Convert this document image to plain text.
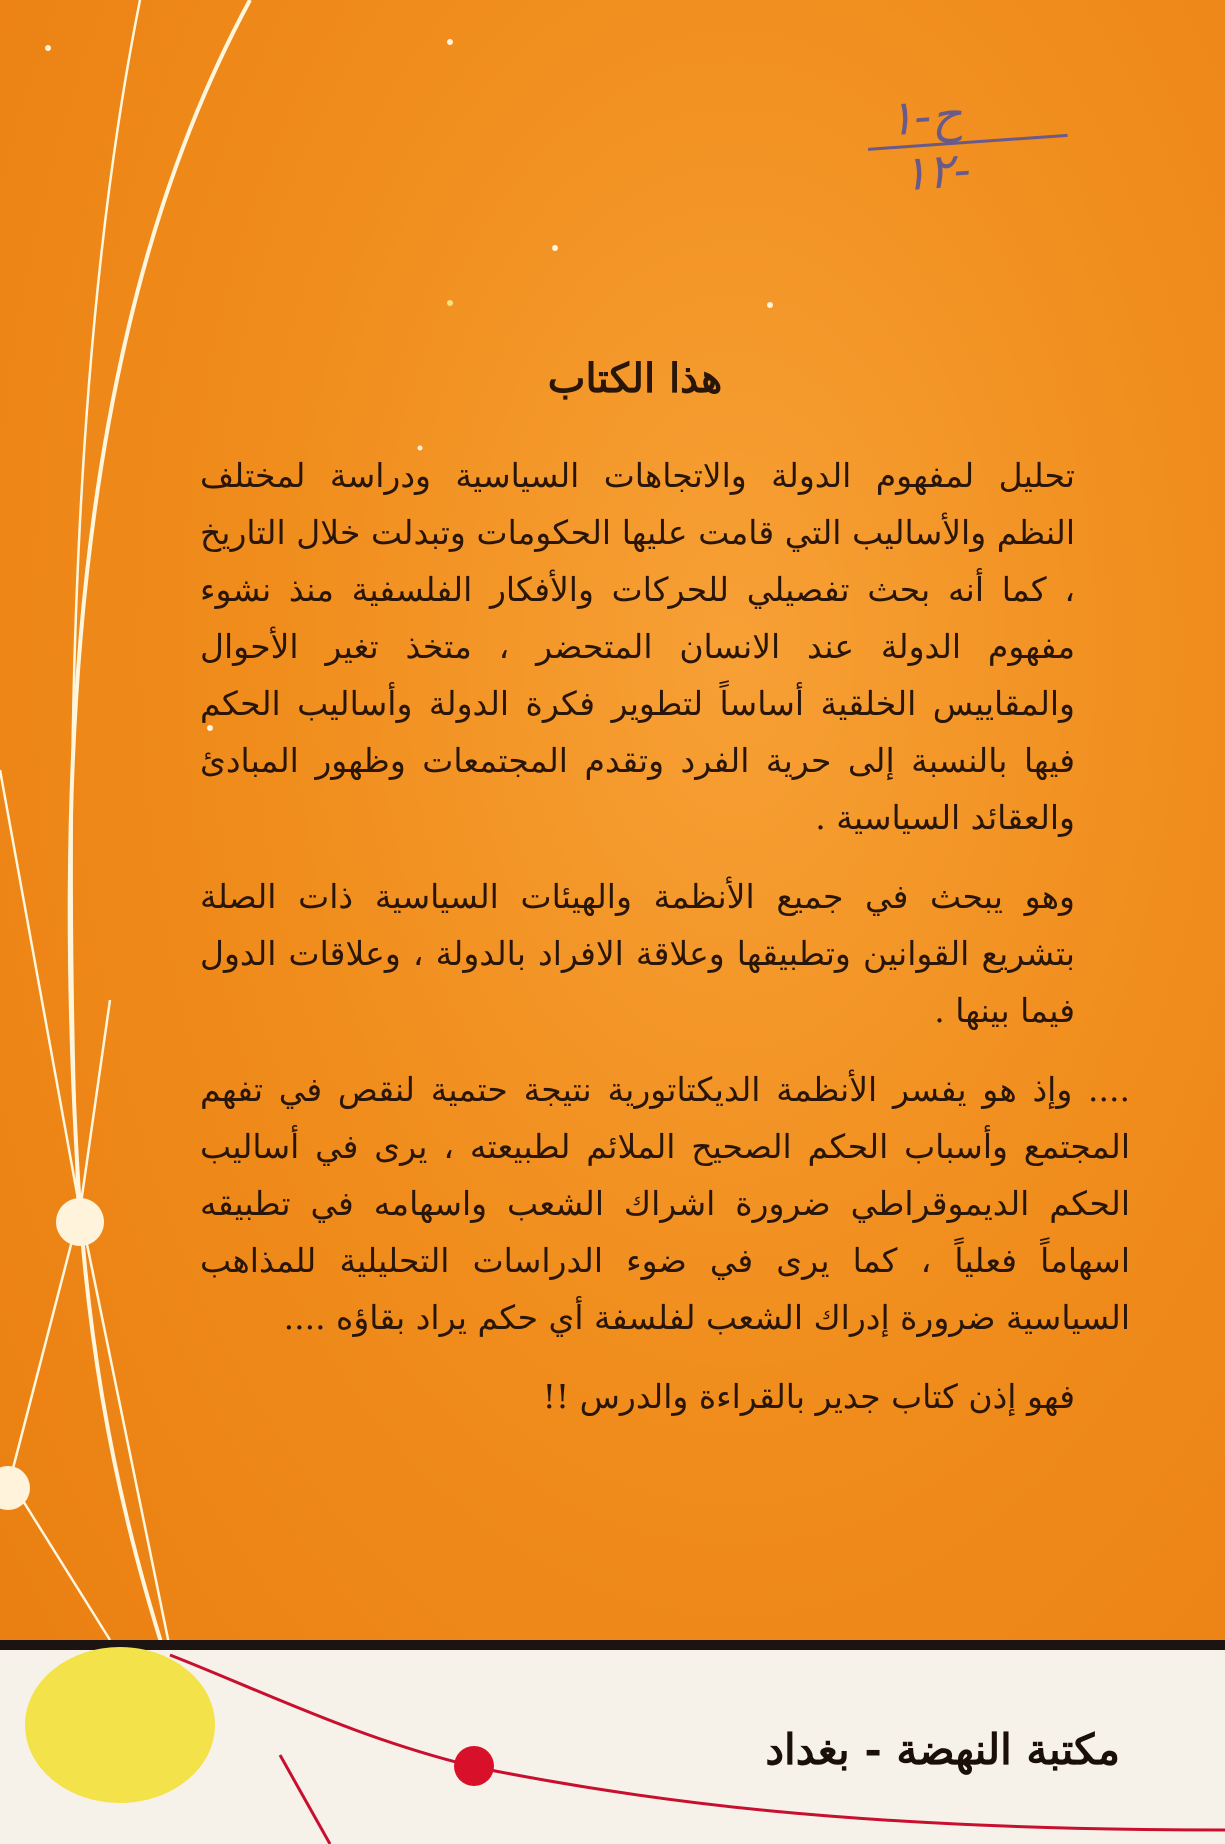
ح-١
١٢-
هذا الكتاب

تحليل لمفهوم الدولة والاتجاهات السياسية ودراسة لمختلف النظم والأساليب التي قامت عليها الحكومات وتبدلت خلال التاريخ ، كما أنه بحث تفصيلي للحركات والأفكار الفلسفية منذ نشوء مفهوم الدولة عند الانسان المتحضر ، متخذ تغير الأحوال والمقاييس الخلقية أساساً لتطوير فكرة الدولة وأساليب الحكم فيها بالنسبة إلى حرية الفرد وتقدم المجتمعات وظهور المبادئ والعقائد السياسية .

وهو يبحث في جميع الأنظمة والهيئات السياسية ذات الصلة بتشريع القوانين وتطبيقها وعلاقة الافراد بالدولة ، وعلاقات الدول فيما بينها .

.... وإذ هو يفسر الأنظمة الديكتاتورية نتيجة حتمية لنقص في تفهم المجتمع وأسباب الحكم الصحيح الملائم لطبيعته ، يرى في أساليب الحكم الديموقراطي ضرورة اشراك الشعب واسهامه في تطبيقه اسهاماً فعلياً ، كما يرى في ضوء الدراسات التحليلية للمذاهب السياسية ضرورة إدراك الشعب لفلسفة أي حكم يراد بقاؤه ....

فهو إذن كتاب جدير بالقراءة والدرس !!

مكتبة النهضة - بغداد
